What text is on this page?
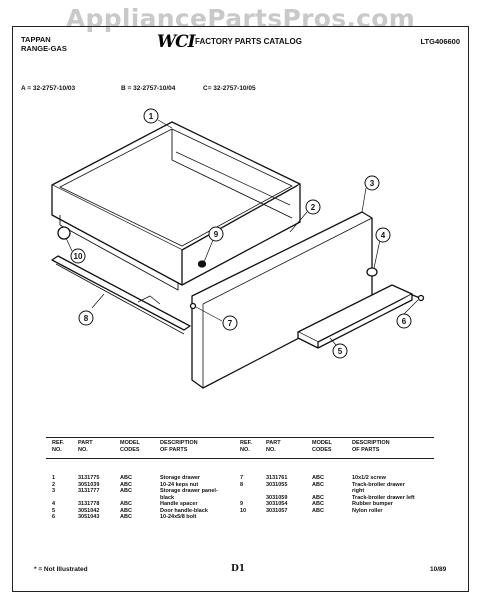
AppliancePartsPros.com
TAPPAN
RANGE-GAS	WCI FACTORY PARTS CATALOG	LTG406600
A = 32-2757-10/03	B = 32-2757-10/04	C= 32-2757-10/05
1
2
3
4
5
6
7
8
9
10
REF.
NO.	PART
NO.	MODEL
CODES	DESCRIPTION
OF PARTS

1	3131775	ABC	Storage drawer
2	3051039	ABC	10-24 keps nut
3	3131777	ABC	Storage drawer panel-black
4	3131778	ABC	Handle spacer
5	3051042	ABC	Door handle-black
6	3051043	ABC	10-24x5/8 bolt
REF.
NO.	PART
NO.	MODEL
CODES	DESCRIPTION
OF PARTS

7	3131761	ABC	10x1/2 screw
8	3031055	ABC	Track-broiler drawer right
	3031059	ABC	Track-broiler drawer left
9	3031054	ABC	Rubber bumper
10	3031057	ABC	Nylon roller
* = Not Illustrated	D1	10/89
